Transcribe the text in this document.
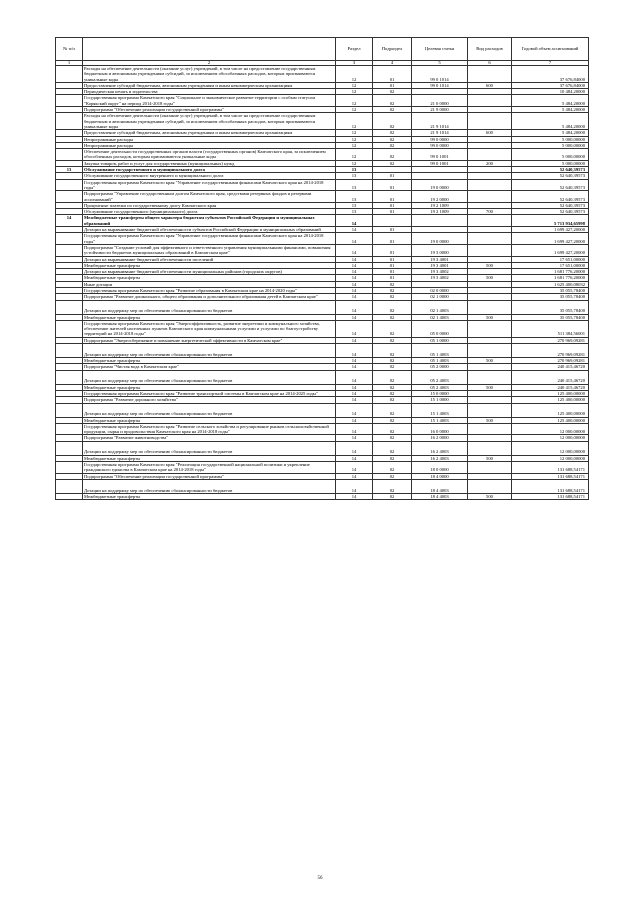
№ п/п		Раздел	Подраздел	Целевая статья	Вид расходов	Годовой объем ассигнований
1	2	3	4	5	6	7
	Расходы на обеспечение деятельности (оказание услуг) учреждений, в том числе на предоставление государственным бюджетным и автономным учреждениям субсидий, за исключением обособленных расходов, которым присваиваются уникальные коды	12	01	99 0 1014		37 676,84000
	Предоставление субсидий бюджетным, автономным учреждениям и иным некоммерческим организациям	12	01	99 0 1014	600	37 676,84000
	Периодическая печать и издательства	12	02			10 484,20000
	Государственная программа Камчатского края "Социальное и экономическое развитие территории с особым статусом "Корякский округ" на период 2014-2018 годы"	12	02	21 0 0000		5 484,20000
	Подпрограмма "Обеспечение реализации государственной программы"	12	02	21 9 0000		5 484,20000
	Расходы на обеспечение деятельности (оказание услуг) учреждений, в том числе на предоставление государственным бюджетным и автономным учреждениям субсидий, за исключением обособленных расходов, которым присваиваются уникальные коды	12	02	21 9 1014		5 484,20000
	Предоставление субсидий бюджетным, автономным учреждениям и иным некоммерческим организациям	12	02	21 9 1014	600	5 484,20000
	Непрограммные расходы	12	02	99 0 0000		5 000,00000
	Непрограммные расходы	12	02	99 0 0000		5 000,00000
	Обеспечение деятельности государственных органов власти (государственных органов) Камчатского края, за исключением обособленных расходов, которым присваиваются уникальные коды	12	02	99 0 1001		5 000,00000
	Закупка товаров, работ и услуг для государственных (муниципальных) нужд	12	02	99 0 1001	200	5 000,00000
13	Обслуживание государственного и муниципального долга	13				52 640,39573
	Обслуживание государственного внутреннего и муниципального долга	13	01			52 640,39573
	Государственная программа Камчатского края "Управление государственными финансами Камчатского края на 2014-2018 годы"	13	01	19 0 0000		52 640,39573
	Подпрограмма "Управление государственным долгом Камчатского края, средствами резервных фондов и резервами ассигнований"	13	01	19 2 0000		52 640,39573
	Процентные платежи по государственному долгу Камчатского края	13	01	19 2 1009		52 640,39573
	Обслуживание государственного (муниципального) долга	13	01	19 2 1009	700	52 640,39573
14	Межбюджетные трансферты общего характера бюджетам субъектов Российской Федерации и муниципальных образований	14				5 713 934,65998
	Дотации на выравнивание бюджетной обеспеченности субъектов Российской Федерации и муниципальных образований	14	01			1 699 427,20000
	Государственная программа Камчатского края "Управление государственными финансами Камчатского края на 2014-2018 годы"	14	01	19 0 0000		1 699 427,20000
	Подпрограмма "Создание условий для эффективного и ответственного управления муниципальными финансами, повышения устойчивости бюджетов муниципальных образований в Камчатском крае"	14	01	19 3 0000		1 699 427,20000
	Дотации на выравнивание бюджетной обеспеченности поселений	14	01	19 3 4001		17 651,00000
	Межбюджетные трансферты	14	01	19 3 4001	500	17 651,00000
	Дотации на выравнивание бюджетной обеспеченности муниципальных районов (городских округов)	14	01	19 3 4002		1 681 776,20000
	Межбюджетные трансферты	14	01	19 3 4002	500	1 681 776,20000
	Иные дотации	14	02			1 625 400,08032
	Государственная программа Камчатского края "Развитие образования в Камчатском крае на 2014-2020 годы"	14	02	02 0 0000		35 055,78400
	Подпрограмма "Развитие дошкольного, общего образования и дополнительного образования детей в Камчатском крае"	14	02	02 1 0000		35 055,78400
	Дотации на поддержку мер по обеспечению сбалансированности бюджетов	14	02	02 1 4003		35 055,78400
	Межбюджетные трансферты	14	02	02 1 4003	500	35 055,78400
	Государственная программа Камчатского края "Энергоэффективность, развитие энергетики и коммунального хозяйства, обеспечение жителей населенных пунктов Камчатского края коммунальными услугами и услугами по благоустройству территорий на 2014-2018 годы"	14	02	05 0 0000		511 384,56001
	Подпрограмма "Энергосбережение и повышение энергетической эффективности в Камчатском крае"	14	02	05 1 0000		270 969,09281
	Дотации на поддержку мер по обеспечению сбалансированности бюджетов	14	02	05 1 4003		270 969,09281
	Межбюджетные трансферты	14	02	05 1 4003	500	270 969,09281
	Подпрограмма "Чистая вода в Камчатском крае"	14	02	05 2 0000		240 415,46720
	Дотации на поддержку мер по обеспечению сбалансированности бюджетов	14	02	05 2 4003		240 415,46720
	Межбюджетные трансферты	14	02	05 2 4003	500	240 415,46720
	Государственная программа Камчатского края "Развитие транспортной системы в Камчатском крае на 2014-2025 годы"	14	02	15 0 0000		125 400,00000
	Подпрограмма "Развитие дорожного хозяйства"	14	02	15 1 0000		125 400,00000
	Дотации на поддержку мер по обеспечению сбалансированности бюджетов	14	02	15 1 4003		125 400,00000
	Межбюджетные трансферты	14	02	15 1 4003	500	125 400,00000
	Государственная программа Камчатского края "Развитие сельского хозяйства и регулирование рынков сельскохозяйственной продукции, сырья и продовольствия Камчатского края на 2014-2018 годы"	14	02	16 0 0000		12 000,00000
	Подпрограмма "Развитие животноводства"	14	02	16 2 0000		12 000,00000
	Дотации на поддержку мер по обеспечению сбалансированности бюджетов	14	02	16 2 4003		12 000,00000
	Межбюджетные трансферты	14	02	16 2 4003	500	12 000,00000
	Государственная программа Камчатского края "Реализация государственной национальной политики и укрепление гражданского единства в Камчатском крае на 2014-2018 годы"	14	02	18 0 0000		131 688,54171
	Подпрограмма "Обеспечение реализации государственной программы"	14	02	18 4 0000		131 688,54171
	Дотации на поддержку мер по обеспечению сбалансированности бюджетов	14	02	18 4 4003		131 688,54171
	Межбюджетные трансферты	14	02	18 4 4003	500	131 688,54171
56
